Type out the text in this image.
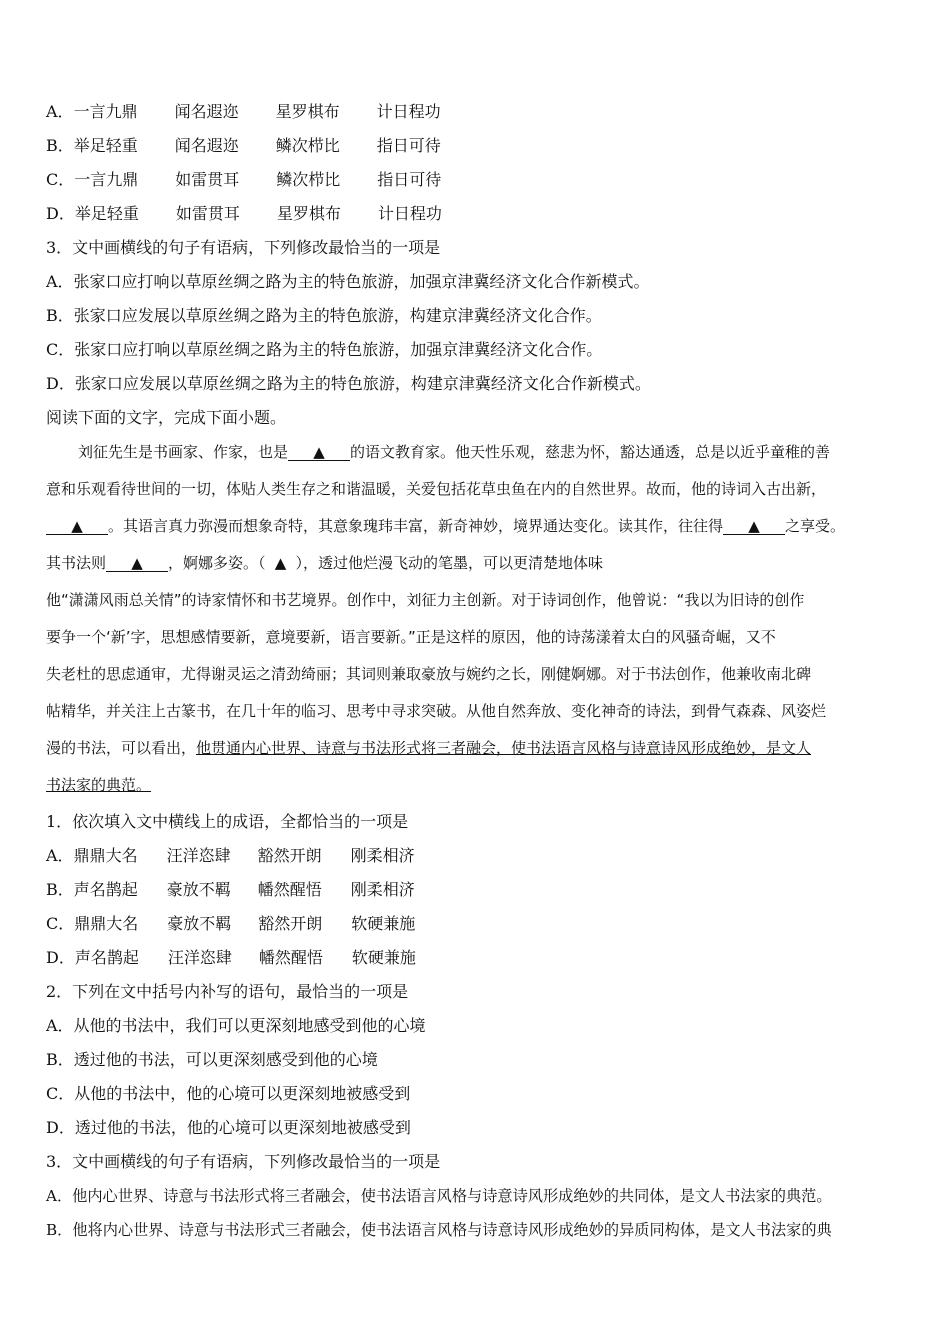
A．一言九鼎 闻名遐迩 星罗棋布 计日程功
B．举足轻重 闻名遐迩 鳞次栉比 指日可待
C．一言九鼎 如雷贯耳 鳞次栉比 指日可待
D．举足轻重 如雷贯耳 星罗棋布 计日程功
3．文中画横线的句子有语病，下列修改最恰当的一项是
A．张家口应打响以草原丝绸之路为主的特色旅游，加强京津冀经济文化合作新模式。
B．张家口应发展以草原丝绸之路为主的特色旅游，构建京津冀经济文化合作。
C．张家口应打响以草原丝绸之路为主的特色旅游，加强京津冀经济文化合作。
D．张家口应发展以草原丝绸之路为主的特色旅游，构建京津冀经济文化合作新模式。
阅读下面的文字，完成下面小题。
刘征先生是书画家、作家，也是 ▲ 的语文教育家。他天性乐观，慈悲为怀，豁达通透，总是以近乎童稚的善
意和乐观看待世间的一切，体贴人类生存之和谐温暖，关爱包括花草虫鱼在内的自然世界。故而，他的诗词入古出新，
▲ 。其语言真力弥漫而想象奇特，其意象瑰玮丰富，新奇神妙，境界通达变化。读其作，往往得 ▲ 之享受。
其书法则 ▲ ，婀娜多姿。（ ▲ ），透过他烂漫飞动的笔墨，可以更清楚地体味
他“潇潇风雨总关情”的诗家情怀和书艺境界。创作中，刘征力主创新。对于诗词创作，他曾说：“我以为旧诗的创作
要争一个‘新’字，思想感情要新，意境要新，语言要新。”正是这样的原因，他的诗荡漾着太白的风骚奇崛，又不
失老杜的思虑通审，尤得谢灵运之清劲绮丽；其词则兼取豪放与婉约之长，刚健婀娜。对于书法创作，他兼收南北碑
帖精华，并关注上古篆书，在几十年的临习、思考中寻求突破。从他自然奔放、变化神奇的诗法，到骨气森森、风姿烂
漫的书法，可以看出，他贯通内心世界、诗意与书法形式将三者融会，使书法语言风格与诗意诗风形成绝妙，是文人
书法家的典范。
1．依次填入文中横线上的成语，全都恰当的一项是
A．鼎鼎大名 汪洋恣肆 豁然开朗 刚柔相济
B．声名鹊起 豪放不羁 幡然醒悟 刚柔相济
C．鼎鼎大名 豪放不羁 豁然开朗 软硬兼施
D．声名鹊起 汪洋恣肆 幡然醒悟 软硬兼施
2．下列在文中括号内补写的语句，最恰当的一项是
A．从他的书法中，我们可以更深刻地感受到他的心境
B．透过他的书法，可以更深刻感受到他的心境
C．从他的书法中，他的心境可以更深刻地被感受到
D．透过他的书法，他的心境可以更深刻地被感受到
3．文中画横线的句子有语病，下列修改最恰当的一项是
A．他内心世界、诗意与书法形式将三者融会，使书法语言风格与诗意诗风形成绝妙的共同体，是文人书法家的典范。
B．他将内心世界、诗意与书法形式三者融会，使书法语言风格与诗意诗风形成绝妙的异质同构体，是文人书法家的典
